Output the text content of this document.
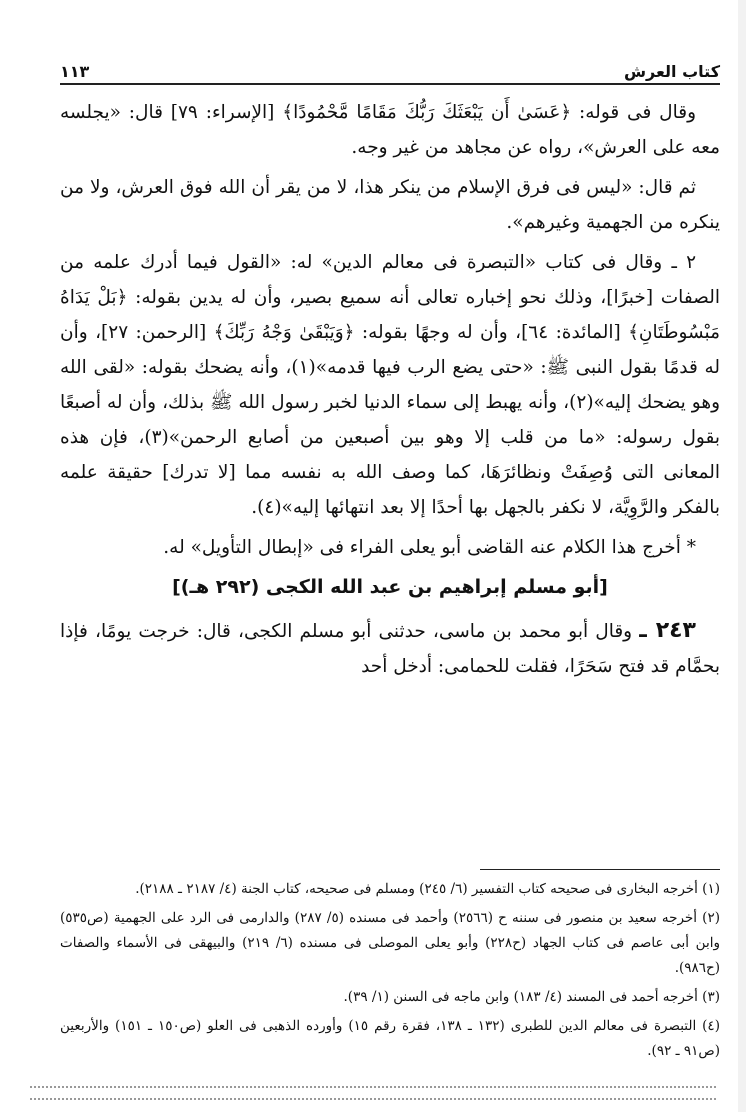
كتاب العرش
١١٣

وقال فى قوله: ﴿عَسَىٰ أَن يَبْعَثَكَ رَبُّكَ مَقَامًا مَّحْمُودًا﴾ [الإسراء: ٧٩] قال: «يجلسه معه على العرش»، رواه عن مجاهد من غير وجه.

ثم قال: «ليس فى فرق الإسلام من ينكر هذا، لا من يقر أن الله فوق العرش، ولا من ينكره من الجهمية وغيرهم».

٢ ـ وقال فى كتاب «التبصرة فى معالم الدين» له: «القول فيما أدرك علمه من الصفات [خبرًا]، وذلك نحو إخباره تعالى أنه سميع بصير، وأن له يدين بقوله: ﴿بَلْ يَدَاهُ مَبْسُوطَتَانِ﴾ [المائدة: ٦٤]، وأن له وجهًا بقوله: ﴿وَيَبْقَىٰ وَجْهُ رَبِّكَ﴾ [الرحمن: ٢٧]، وأن له قدمًا بقول النبى ﷺ: «حتى يضع الرب فيها قدمه»(١)، وأنه يضحك بقوله: «لقى الله وهو يضحك إليه»(٢)، وأنه يهبط إلى سماء الدنيا لخبر رسول الله ﷺ بذلك، وأن له أصبعًا بقول رسوله: «ما من قلب إلا وهو بين أصبعين من أصابع الرحمن»(٣)، فإن هذه المعانى التى وُصِفَتْ ونظائرَهَا، كما وصف الله به نفسه مما [لا تدرك] حقيقة علمه بالفكر والرَّوِيَّة، لا نكفر بالجهل بها أحدًا إلا بعد انتهائها إليه»(٤).

* أخرج هذا الكلام عنه القاضى أبو يعلى الفراء فى «إبطال التأويل» له.

[أبو مسلم إبراهيم بن عبد الله الكجى (٢٩٢ هـ)]

٢٤٣ ـ وقال أبو محمد بن ماسى، حدثنى أبو مسلم الكجى، قال: خرجت يومًا، فإذا بحمَّام قد فتح سَحَرًا، فقلت للحمامى: أدخل أحد

(١) أخرجه البخارى فى صحيحه كتاب التفسير (٦/ ٢٤٥) ومسلم فى صحيحه، كتاب الجنة (٤/ ٢١٨٧ ـ ٢١٨٨).

(٢) أخرجه سعيد بن منصور فى سننه ح (٢٥٦٦) وأحمد فى مسنده (٥/ ٢٨٧) والدارمى فى الرد على الجهمية (ص٥٣٥) وابن أبى عاصم فى كتاب الجهاد (ح٢٢٨) وأبو يعلى الموصلى فى مسنده (٦/ ٢١٩) والبيهقى فى الأسماء والصفات (ح٩٨٦).

(٣) أخرجه أحمد فى المسند (٤/ ١٨٣) وابن ماجه فى السنن (١/ ٣٩).

(٤) التبصرة فى معالم الدين للطبرى (١٣٢ ـ ١٣٨، فقرة رقم ١٥) وأورده الذهبى فى العلو (ص١٥٠ ـ ١٥١) والأربعين (ص٩١ ـ ٩٢).
